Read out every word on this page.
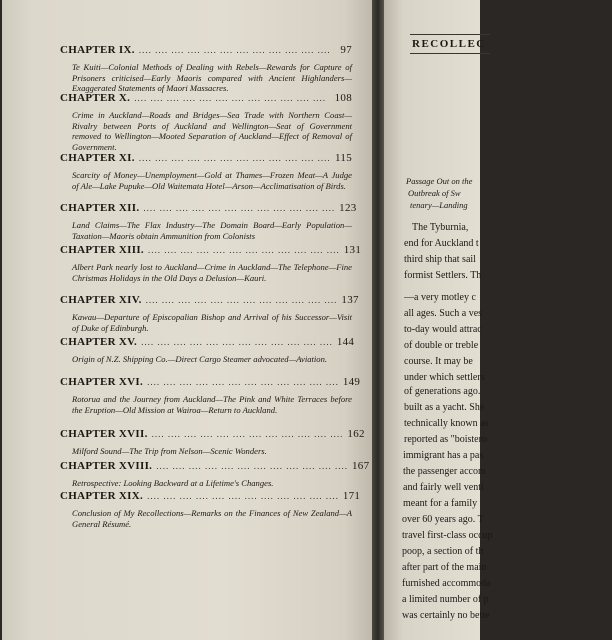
CHAPTER IX. .... .... .... .... .... .... .... .... .... .... .... .... 97
Te Kuiti—Colonial Methods of Dealing with Rebels—Rewards for Capture of Prisoners criticised—Early Maoris compared with Ancient Highlanders—Exaggerated Statements of Maori Massacres.
CHAPTER X. .... .... .... .... .... .... .... .... .... .... .... .... 108
Crime in Auckland—Roads and Bridges—Sea Trade with Northern Coast—Rivalry between Ports of Auckland and Wellington—Seat of Government removed to Wellington—Mooted Separation of Auckland—Effect of Removal of Government.
CHAPTER XI. .... .... .... .... .... .... .... .... .... .... .... .... 115
Scarcity of Money—Unemployment—Gold at Thames—Frozen Meat—A Judge of Ale—Lake Pupuke—Old Waitemata Hotel—Arson—Acclimatisation of Birds.
CHAPTER XII. .... .... .... .... .... .... .... .... .... .... .... .... 123
Land Claims—The Flax Industry—The Domain Board—Early Population—Taxation—Maoris obtain Ammunition from Colonists
CHAPTER XIII. .... .... .... .... .... .... .... .... .... .... .... .... 131
Albert Park nearly lost to Auckland—Crime in Auckland—The Telephone—Fine Christmas Holidays in the Old Days a Delusion—Kauri.
CHAPTER XIV. .... .... .... .... .... .... .... .... .... .... .... .... 137
Kawau—Departure of Episcopalian Bishop and Arrival of his Successor—Visit of Duke of Edinburgh.
CHAPTER XV. .... .... .... .... .... .... .... .... .... .... .... .... 144
Origin of N.Z. Shipping Co.—Direct Cargo Steamer advocated—Aviation.
CHAPTER XVI. .... .... .... .... .... .... .... .... .... .... .... .... 149
Rotorua and the Journey from Auckland—The Pink and White Terraces before the Eruption—Old Mission at Wairoa—Return to Auckland.
CHAPTER XVII. .... .... .... .... .... .... .... .... .... .... .... .... 162
Milford Sound—The Trip from Nelson—Scenic Wonders.
CHAPTER XVIII. .... .... .... .... .... .... .... .... .... .... .... .... 167
Retrospective: Looking Backward at a Lifetime's Changes.
CHAPTER XIX. .... .... .... .... .... .... .... .... .... .... .... .... 171
Conclusion of My Recollections—Remarks on the Finances of New Zealand—A General Résumé.
RECOLLEC
Passage Out on the
Outbreak of Sw
tenary—Landing
The Tyburnia,
end for Auckland t
third ship that sail
formist Settlers. Th
—a very motley c
all ages. Such a ves
to-day would attrac
of double or treble
course. It may be
under which settlers
of generations ago.
built as a yacht. She
technically known as
reported as "boistero
immigrant has a pas
the passenger accom
and fairly well venti
meant for a family
over 60 years ago. T
travel first-class occup
poop, a section of th
after part of the main
furnished accommoda
a limited number of p
was certainly no bette
